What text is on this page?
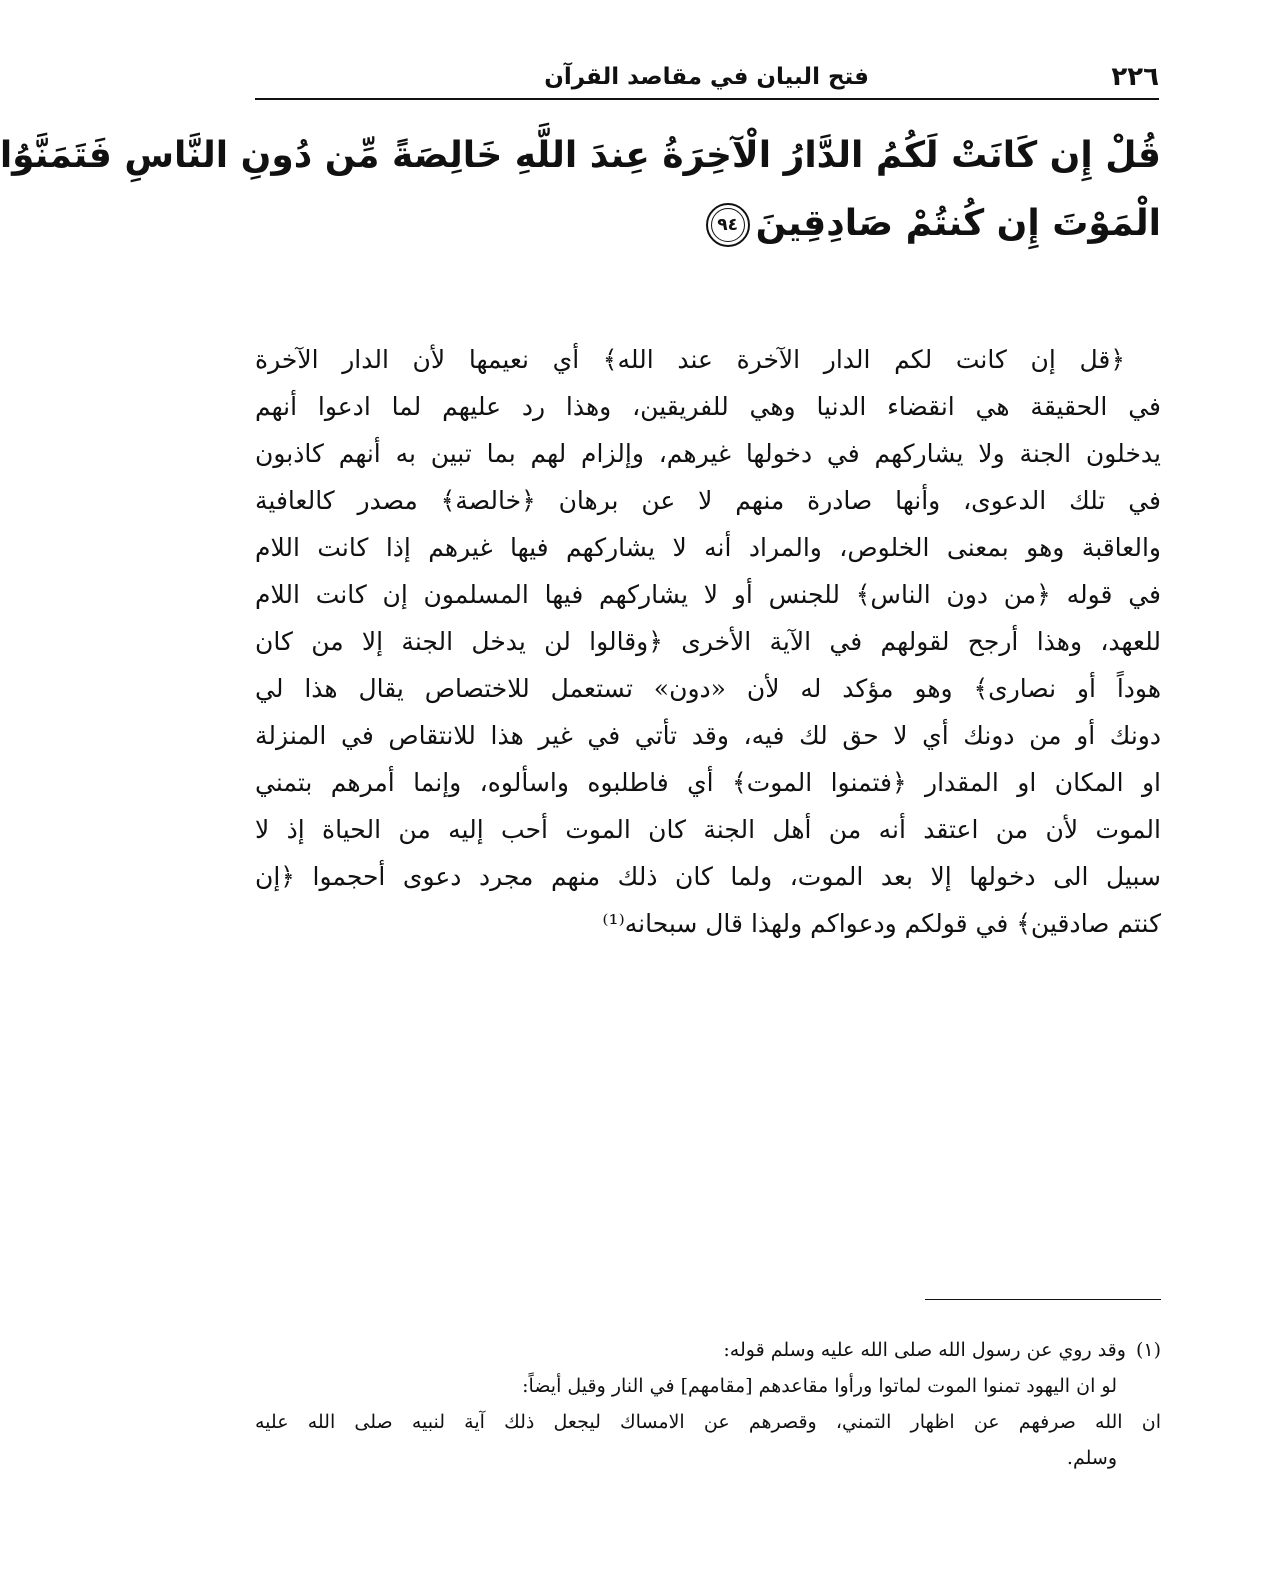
٢٢٦
فتح البيان في مقاصد القرآن
قُلْ إِن كَانَتْ لَكُمُ الدَّارُ الْآخِرَةُ عِندَ اللَّهِ خَالِصَةً مِّن دُونِ النَّاسِ فَتَمَنَّوُا
الْمَوْتَ إِن كُنتُمْ صَادِقِينَ٩٤
﴿قل إن كانت لكم الدار الآخرة عند الله﴾ أي نعيمها لأن الدار الآخرة
في الحقيقة هي انقضاء الدنيا وهي للفريقين، وهذا رد عليهم لما ادعوا أنهم
يدخلون الجنة ولا يشاركهم في دخولها غيرهم، وإلزام لهم بما تبين به أنهم كاذبون
في تلك الدعوى، وأنها صادرة منهم لا عن برهان ﴿خالصة﴾ مصدر كالعافية
والعاقبة وهو بمعنى الخلوص، والمراد أنه لا يشاركهم فيها غيرهم إذا كانت اللام
في قوله ﴿من دون الناس﴾ للجنس أو لا يشاركهم فيها المسلمون إن كانت اللام
للعهد، وهذا أرجح لقولهم في الآية الأخرى ﴿وقالوا لن يدخل الجنة إلا من كان
هوداً أو نصارى﴾ وهو مؤكد له لأن «دون» تستعمل للاختصاص يقال هذا لي
دونك أو من دونك أي لا حق لك فيه، وقد تأتي في غير هذا للانتقاص في المنزلة
او المكان او المقدار ﴿فتمنوا الموت﴾ أي فاطلبوه واسألوه، وإنما أمرهم بتمني
الموت لأن من اعتقد أنه من أهل الجنة كان الموت أحب إليه من الحياة إذ لا
سبيل الى دخولها إلا بعد الموت، ولما كان ذلك منهم مجرد دعوى أحجموا ﴿إن
كنتم صادقين﴾ في قولكم ودعواكم ولهذا قال سبحانه⁽¹⁾
(١)وقد روي عن رسول الله صلى الله عليه وسلم قوله:
لو ان اليهود تمنوا الموت لماتوا ورأوا مقاعدهم [مقامهم] في النار وقيل أيضاً:
ان الله صرفهم عن اظهار التمني، وقصرهم عن الامساك ليجعل ذلك آية لنبيه صلى الله عليه
وسلم.
